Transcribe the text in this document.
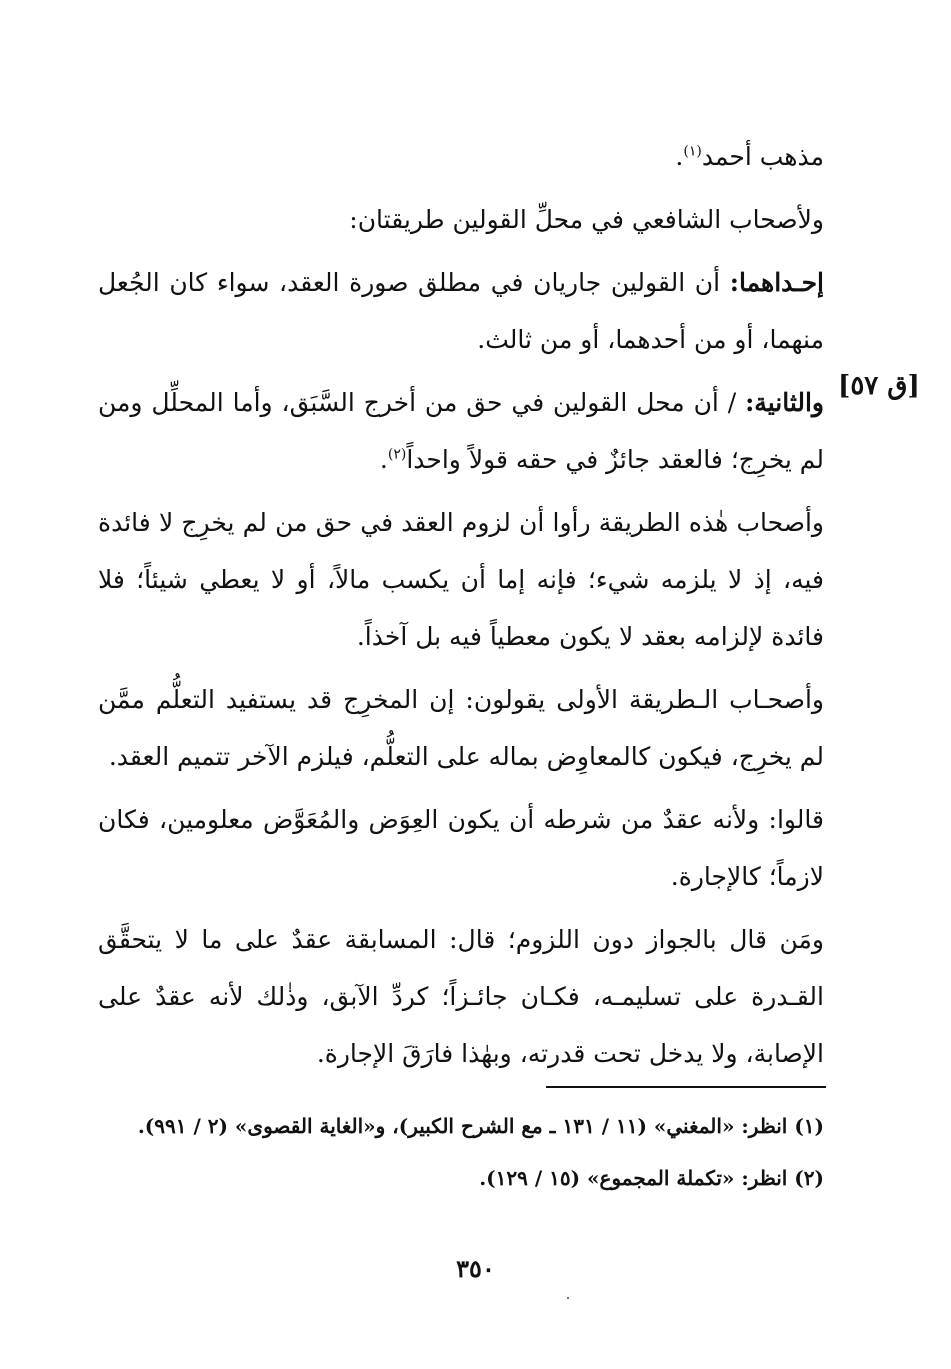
[ق ٥٧]

مذهب أحمد$^{(١)}$.

ولأصحاب الشافعي في محلِّ القولين طريقتان:

إحـداهما: أن القولين جاريان في مطلق صورة العقد، سواء كان الجُعل منهما، أو من أحدهما، أو من ثالث.

والثانية: / أن محل القولين في حق من أخرج السَّبَق، وأما المحلِّل ومن لم يخرِج؛ فالعقد جائزٌ في حقه قولاً واحداً$^{(٢)}$.

وأصحاب هٰذه الطريقة رأوا أن لزوم العقد في حق من لم يخرِج لا فائدة فيه، إذ لا يلزمه شيء؛ فإنه إما أن يكسب مالاً، أو لا يعطي شيئاً؛ فلا فائدة لإلزامه بعقد لا يكون معطياً فيه بل آخذاً.

وأصحـاب الـطريقة الأولى يقولون: إن المخرِج قد يستفيد التعلُّم ممَّن لم يخرِج، فيكون كالمعاوِض بماله على التعلُّم، فيلزم الآخر تتميم العقد.

قالوا: ولأنه عقدٌ من شرطه أن يكون العِوَض والمُعَوَّض معلومين، فكان لازماً؛ كالإجارة.

ومَن قال بالجواز دون اللزوم؛ قال: المسابقة عقدٌ على ما لا يتحقَّق القـدرة على تسليمـه، فكـان جائـزاً؛ كردِّ الآبق، وذٰلك لأنه عقدٌ على الإصابة، ولا يدخل تحت قدرته، وبهٰذا فارَقَ الإجارة.

(١) انظر: «المغني» (١١ / ١٣١ ـ مع الشرح الكبير)، و«الغاية القصوى» (٢ / ٩٩١).

(٢) انظر: «تكملة المجموع» (١٥ / ١٢٩).

٣٥٠
